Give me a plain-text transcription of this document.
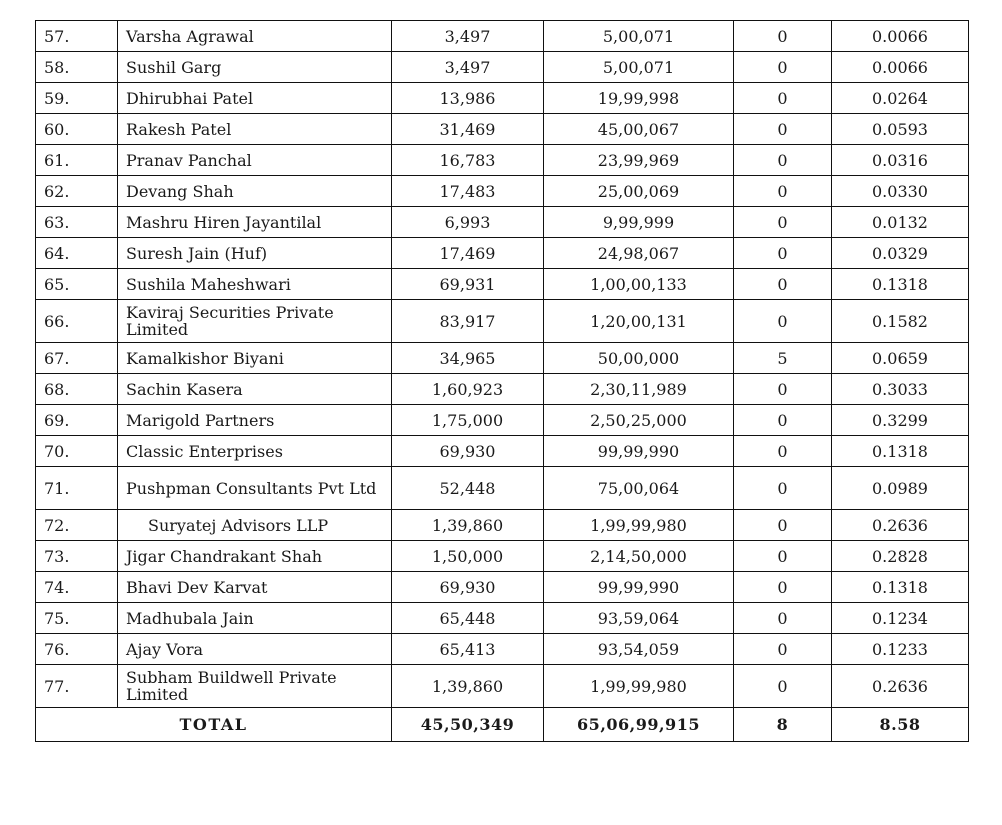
57.	Varsha Agrawal	3,497	5,00,071	0	0.0066
58.	Sushil Garg	3,497	5,00,071	0	0.0066
59.	Dhirubhai Patel	13,986	19,99,998	0	0.0264
60.	Rakesh Patel	31,469	45,00,067	0	0.0593
61.	Pranav Panchal	16,783	23,99,969	0	0.0316
62.	Devang Shah	17,483	25,00,069	0	0.0330
63.	Mashru Hiren Jayantilal	6,993	9,99,999	0	0.0132
64.	Suresh Jain (Huf)	17,469	24,98,067	0	0.0329
65.	Sushila Maheshwari	69,931	1,00,00,133	0	0.1318
66.	Kaviraj Securities Private Limited	83,917	1,20,00,131	0	0.1582
67.	Kamalkishor Biyani	34,965	50,00,000	5	0.0659
68.	Sachin Kasera	1,60,923	2,30,11,989	0	0.3033
69.	Marigold Partners	1,75,000	2,50,25,000	0	0.3299
70.	Classic Enterprises	69,930	99,99,990	0	0.1318
71.	Pushpman Consultants Pvt Ltd	52,448	75,00,064	0	0.0989
72.	Suryatej Advisors LLP	1,39,860	1,99,99,980	0	0.2636
73.	Jigar Chandrakant Shah	1,50,000	2,14,50,000	0	0.2828
74.	Bhavi Dev Karvat	69,930	99,99,990	0	0.1318
75.	Madhubala Jain	65,448	93,59,064	0	0.1234
76.	Ajay Vora	65,413	93,54,059	0	0.1233
77.	Subham Buildwell Private Limited	1,39,860	1,99,99,980	0	0.2636
TOTAL		45,50,349	65,06,99,915	8	8.58
